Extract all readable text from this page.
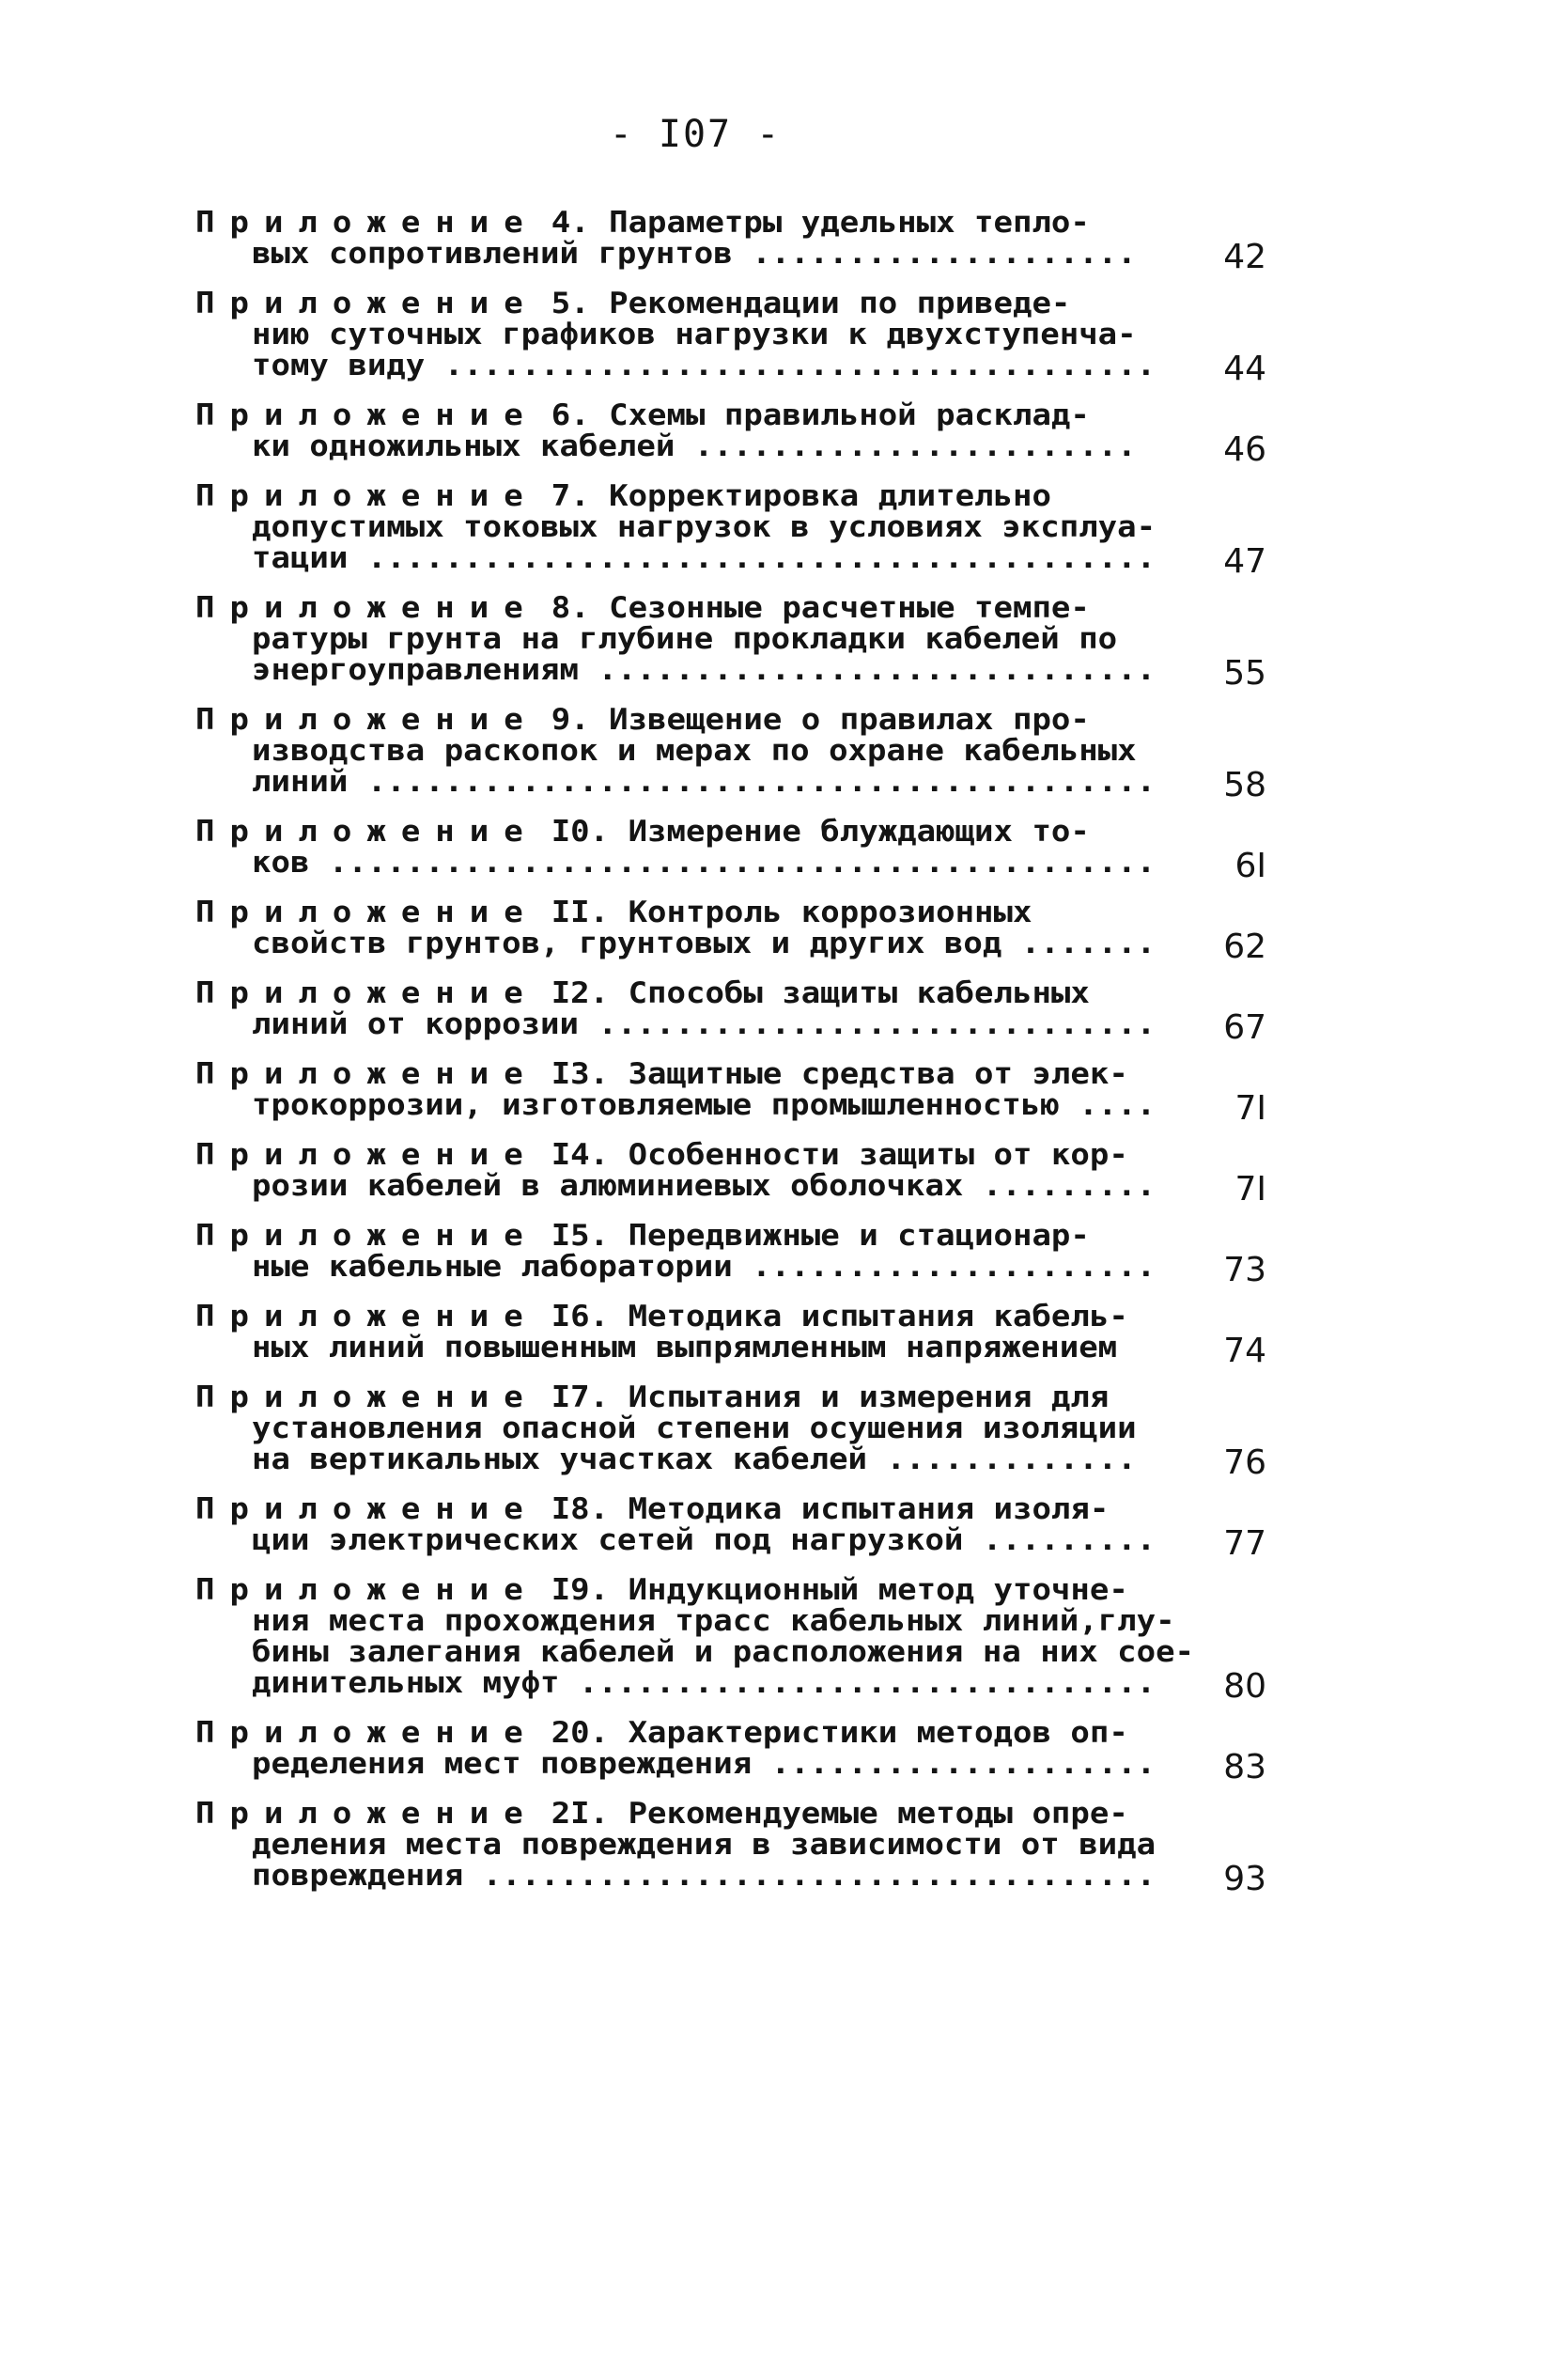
- I07 -
Приложение 4. Параметры удельных тепло-
вых сопротивлений грунтов ....................	42
Приложение 5. Рекомендации по приведе-
нию суточных графиков нагрузки к двухступенча-
тому виду .....................................	44
Приложение 6. Схемы правильной расклад-
ки одножильных кабелей .......................	46
Приложение 7. Корректировка длительно
допустимых токовых нагрузок в условиях эксплуа-
тации .........................................	47
Приложение 8. Сезонные расчетные темпе-
ратуры грунта на глубине прокладки кабелей по
энергоуправлениям .............................	55
Приложение 9. Извещение о правилах про-
изводства раскопок и мерах по охране кабельных
линий .........................................	58
Приложение I0. Измерение блуждающих то-
ков ...........................................	6I
Приложение II. Контроль коррозионных
свойств грунтов, грунтовых и других вод .......	62
Приложение I2. Способы защиты кабельных
линий от коррозии .............................	67
Приложение I3. Защитные средства от элек-
трокоррозии, изготовляемые промышленностью ....	7I
Приложение I4. Особенности защиты от кор-
розии кабелей в алюминиевых оболочках .........	7I
Приложение I5. Передвижные и стационар-
ные кабельные лаборатории .....................	73
Приложение I6. Методика испытания кабель-
ных линий повышенным выпрямленным напряжением	74
Приложение I7. Испытания и измерения для
установления опасной степени осушения изоляции
на вертикальных участках кабелей .............	76
Приложение I8. Методика испытания изоля-
ции электрических сетей под нагрузкой .........	77
Приложение I9. Индукционный метод уточне-
ния места прохождения трасс кабельных линий,глу-
бины залегания кабелей и расположения на них сое-
динительных муфт ..............................	80
Приложение 20. Характеристики методов оп-
ределения мест повреждения ....................	83
Приложение 2I. Рекомендуемые методы опре-
деления места повреждения в зависимости от вида
повреждения ...................................	93
